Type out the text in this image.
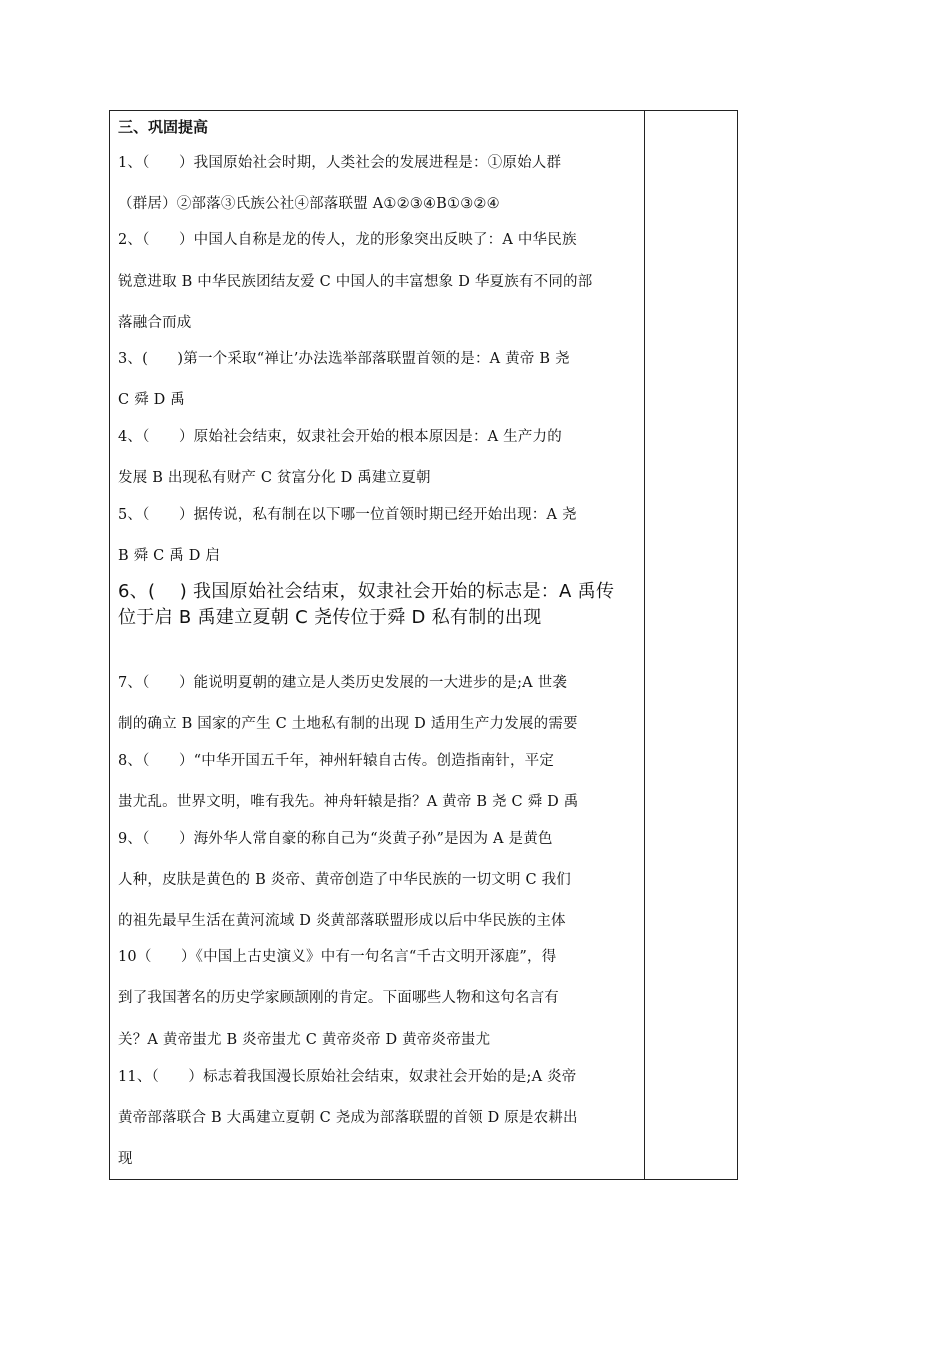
三、巩固提高
1、（　　）我国原始社会时期，人类社会的发展进程是：①原始人群
（群居）②部落③氏族公社④部落联盟 A①②③④B①③②④
2、（　　）中国人自称是龙的传人，龙的形象突出反映了：A 中华民族
锐意进取 B 中华民族团结友爱 C 中国人的丰富想象 D 华夏族有不同的部
落融合而成
3、(　　)第一个采取“禅让’办法选举部落联盟首领的是：A 黄帝 B 尧
C 舜 D 禹
4、（　　）原始社会结束，奴隶社会开始的根本原因是：A 生产力的
发展 B 出现私有财产 C 贫富分化 D 禹建立夏朝
5、（　　）据传说，私有制在以下哪一位首领时期已经开始出现：A 尧
B 舜 C 禹 D 启
6、(　 ) 我国原始社会结束，奴隶社会开始的标志是：A 禹传
位于启 B 禹建立夏朝 C 尧传位于舜 D 私有制的出现
7、（　　）能说明夏朝的建立是人类历史发展的一大进步的是;A 世袭
制的确立 B 国家的产生 C 土地私有制的出现 D 适用生产力发展的需要
8、（　　）“中华开国五千年，神州轩辕自古传。创造指南针，平定
蚩尤乱。世界文明，唯有我先。神舟轩辕是指？A 黄帝 B 尧 C 舜 D 禹
9、（　　）海外华人常自豪的称自己为“炎黄子孙”是因为 A 是黄色
人种，皮肤是黄色的 B 炎帝、黄帝创造了中华民族的一切文明 C 我们
的祖先最早生活在黄河流域 D 炎黄部落联盟形成以后中华民族的主体
10（　　）《中国上古史演义》中有一句名言“千古文明开涿鹿”，得
到了我国著名的历史学家顾颉刚的肯定。下面哪些人物和这句名言有
关？A 黄帝蚩尤 B 炎帝蚩尤 C 黄帝炎帝 D 黄帝炎帝蚩尤
11、（　　）标志着我国漫长原始社会结束，奴隶社会开始的是;A 炎帝
黄帝部落联合 B 大禹建立夏朝 C 尧成为部落联盟的首领 D 原是农耕出
现
